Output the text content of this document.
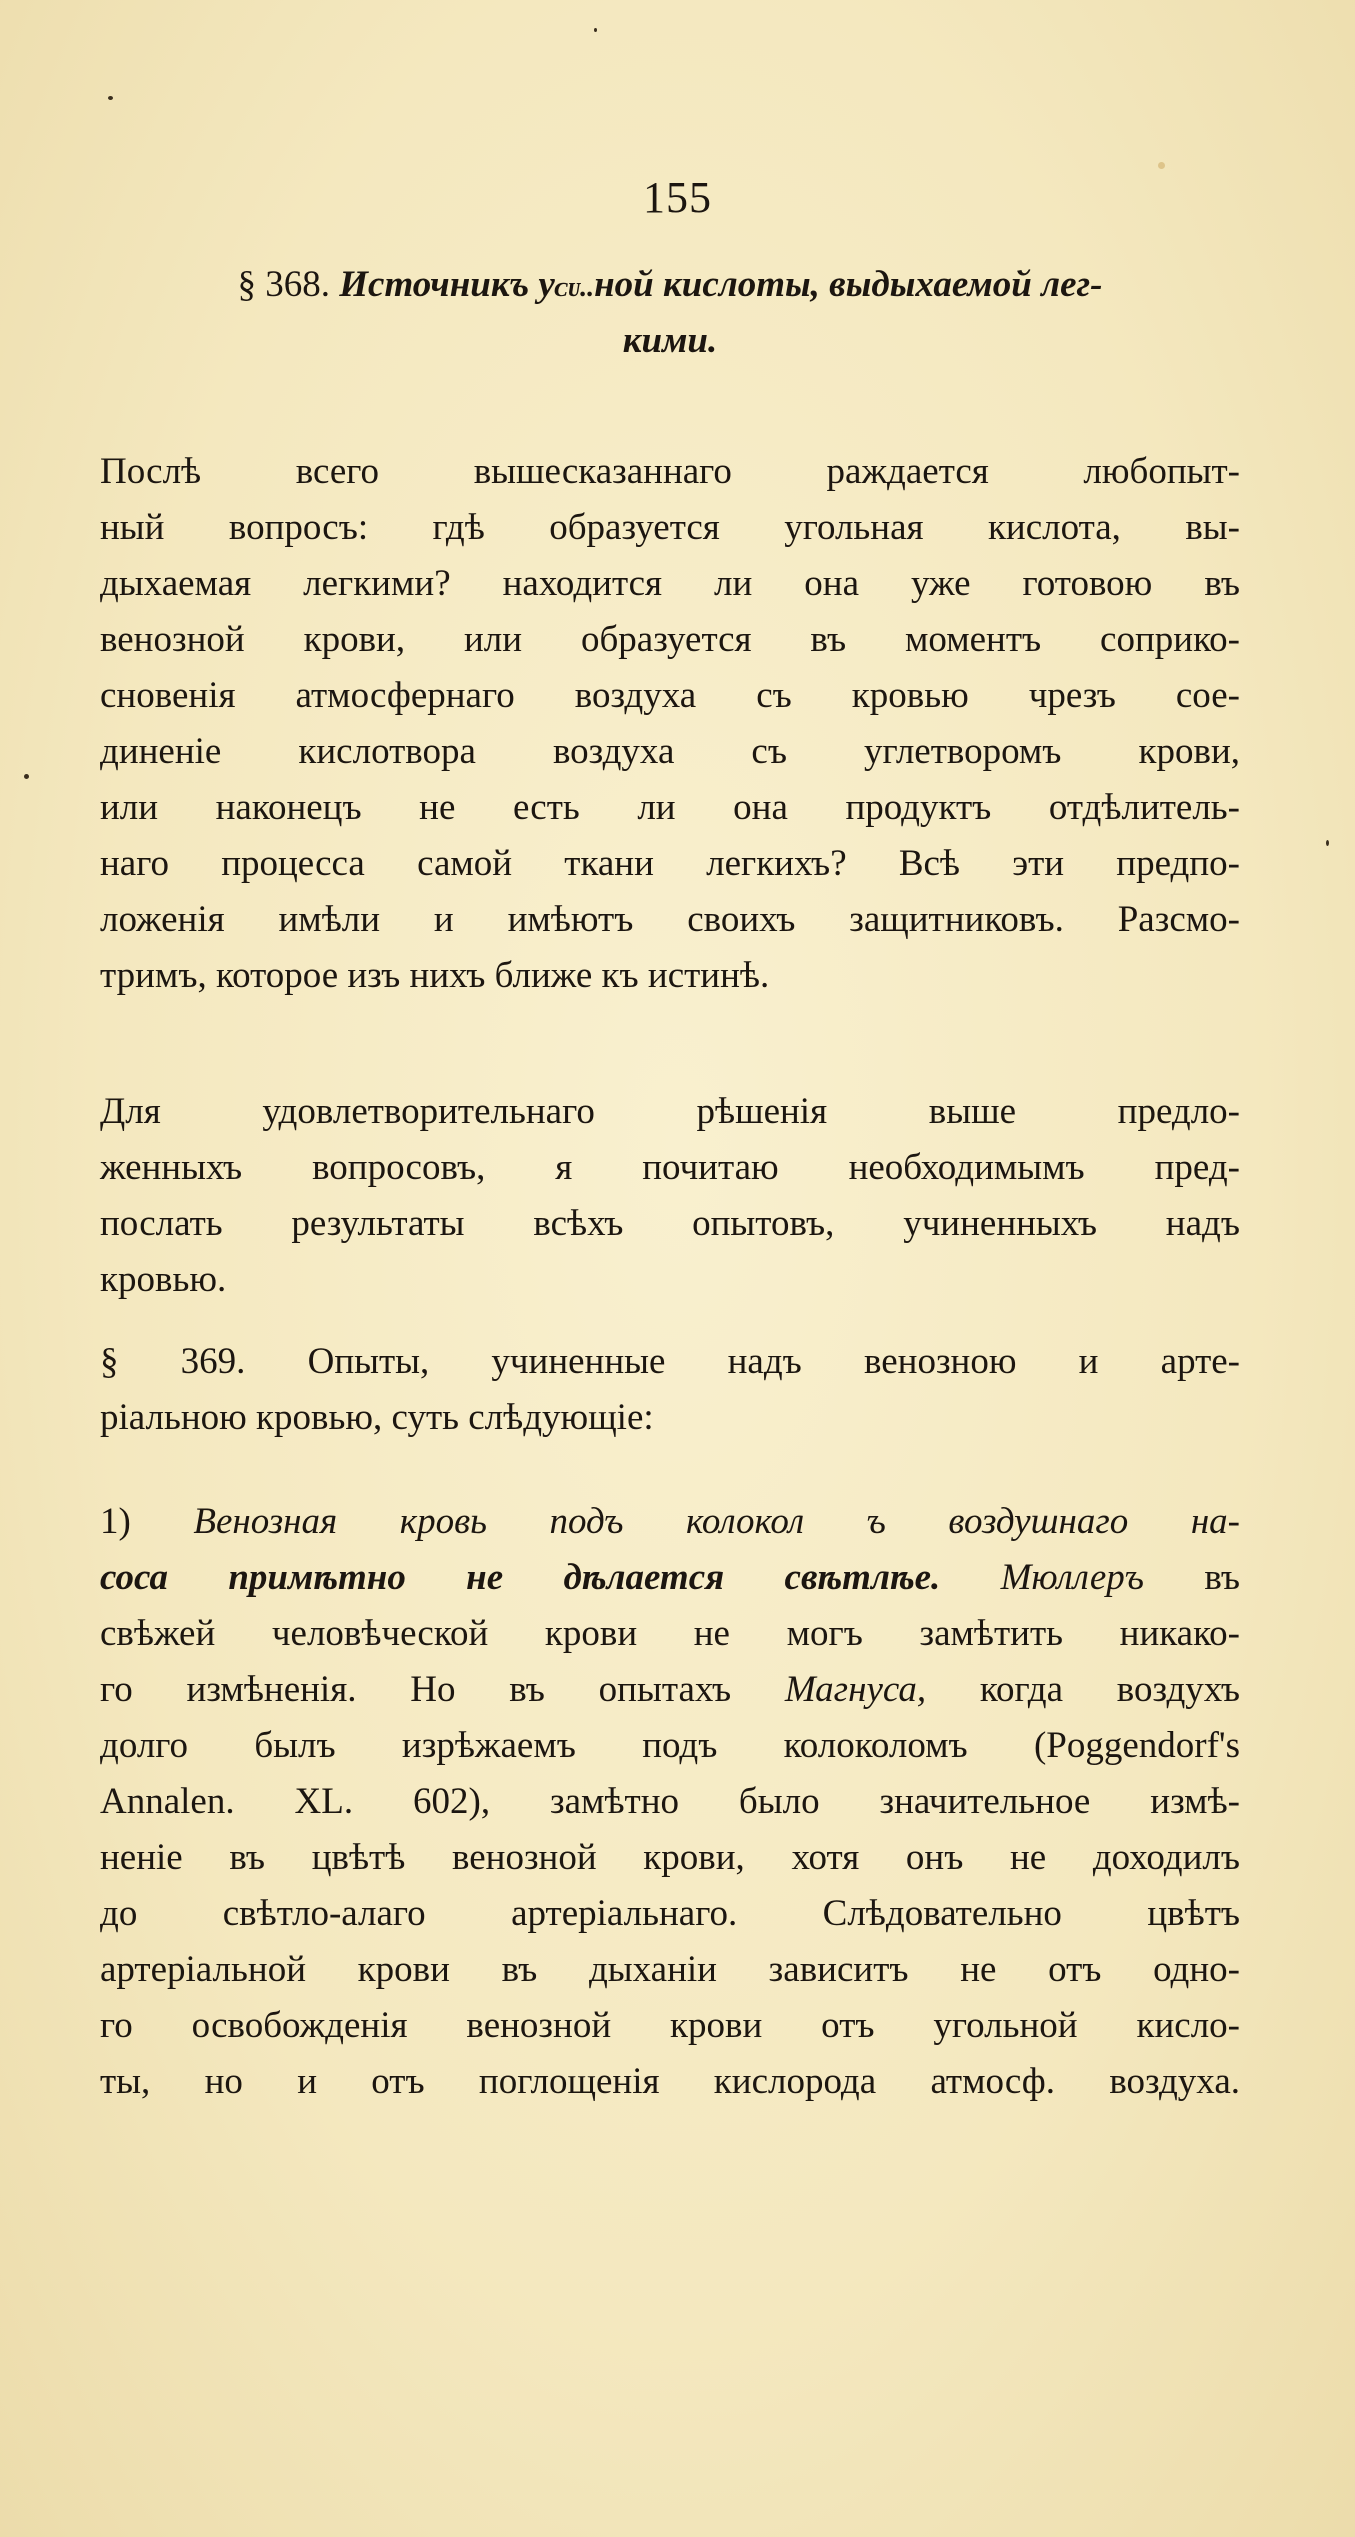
155
§ 368. Источникъ уᴄᴜ..ной кислоты, выдыхаемой лег-
кими.
Послѣ всего вышесказаннаго раждается любопыт-
ный вопросъ: гдѣ образуется угольная кислота, вы-
дыхаемая легкими? находится ли она уже готовою въ
венозной крови, или образуется въ моментъ соприко-
сновенія атмосфернаго воздуха съ кровью чрезъ сое-
диненіе кислотвора воздуха съ углетворомъ крови,
или наконецъ не есть ли она продуктъ отдѣлитель-
наго процесса самой ткани легкихъ? Всѣ эти предпо-
ложенія имѣли и имѣютъ своихъ защитниковъ. Разсмо-
тримъ, которое изъ нихъ ближе къ истинѣ.
Для удовлетворительнаго рѣшенія выше предло-
женныхъ вопросовъ, я почитаю необходимымъ пред-
послать результаты всѣхъ опытовъ, учиненныхъ надъ
кровью.
§ 369. Опыты, учиненные надъ венозною и арте-
ріальною кровью, суть слѣдующіе:
1) Венозная кровь подъ колокол ъ воздушнаго на-
соса примѣтно не дѣлается свѣтлѣе. Мюллеръ въ
свѣжей человѣческой крови не могъ замѣтить никако-
го измѣненія. Но въ опытахъ Магнуса, когда воздухъ
долго былъ изрѣжаемъ подъ колоколомъ (Poggendorf's
Annalen. XL. 602), замѣтно было значительное измѣ-
неніе въ цвѣтѣ венозной крови, хотя онъ не доходилъ
до свѣтло-алаго артеріальнаго. Слѣдовательно цвѣтъ
артеріальной крови въ дыханіи зависитъ не отъ одно-
го освобожденія венозной крови отъ угольной кисло-
ты, но и отъ поглощенія кислорода атмосф. воздуха.
